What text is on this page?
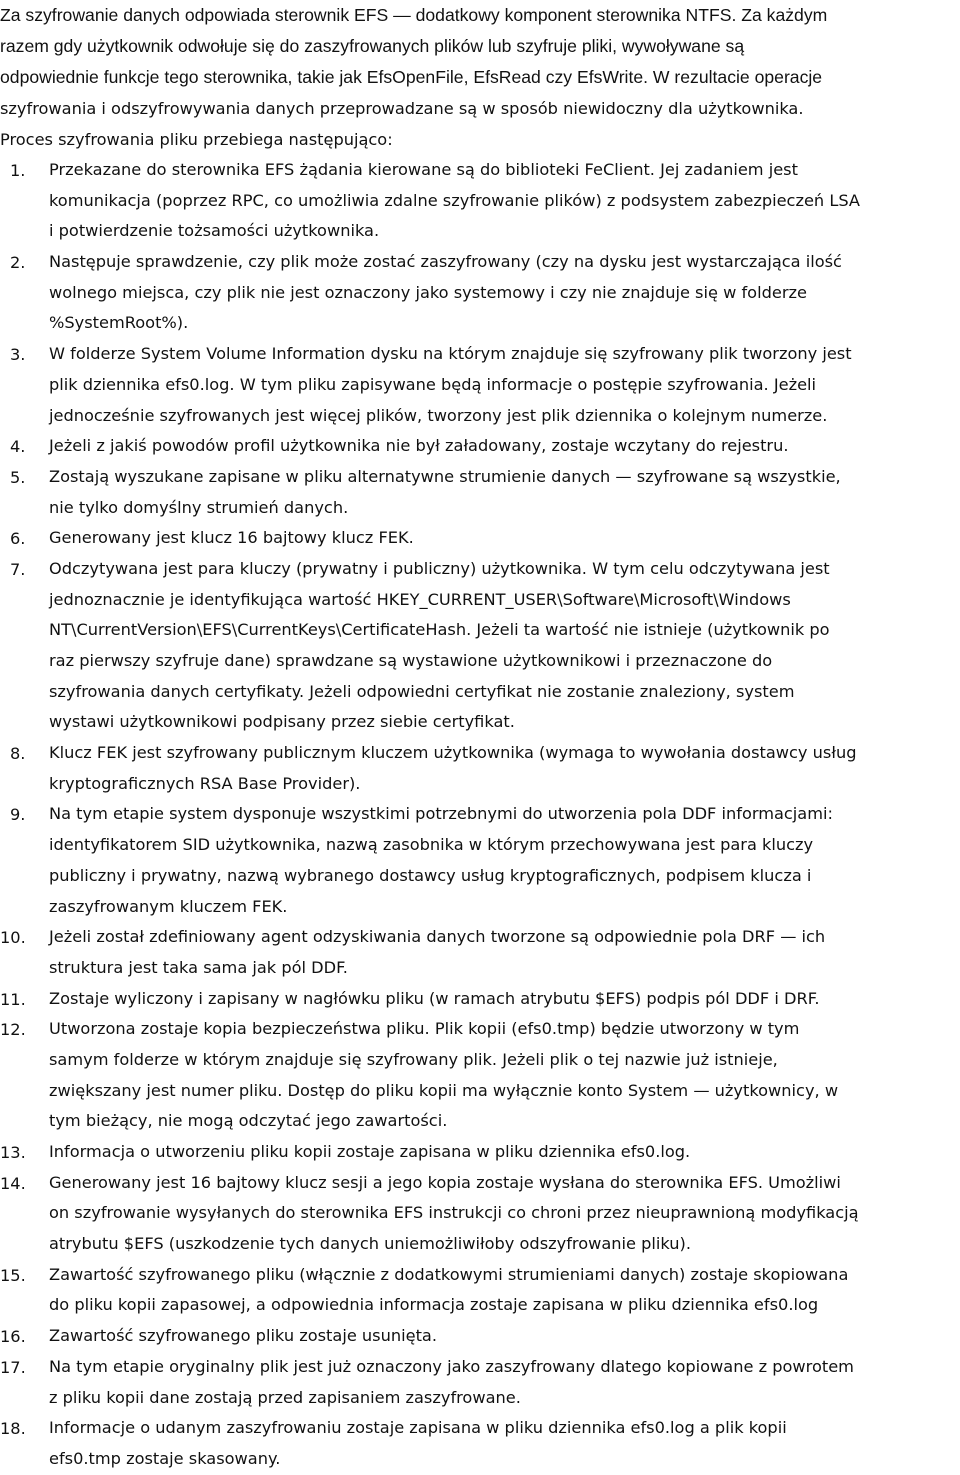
Za szyfrowanie danych odpowiada sterownik EFS — dodatkowy komponent sterownika NTFS. Za każdym
razem gdy użytkownik odwołuje się do zaszyfrowanych plików lub szyfruje pliki, wywoływane są
odpowiednie funkcje tego sterownika, takie jak EfsOpenFile, EfsRead czy EfsWrite. W rezultacie operacje
szyfrowania i odszyfrowywania danych przeprowadzane są w sposób niewidoczny dla użytkownika.
Proces szyfrowania pliku przebiega następująco:
1. Przekazane do sterownika EFS żądania kierowane są do biblioteki FeClient. Jej zadaniem jest
komunikacja (poprzez RPC, co umożliwia zdalne szyfrowanie plików) z podsystem zabezpieczeń LSA
i potwierdzenie tożsamości użytkownika.
2. Następuje sprawdzenie, czy plik może zostać zaszyfrowany (czy na dysku jest wystarczająca ilość
wolnego miejsca, czy plik nie jest oznaczony jako systemowy i czy nie znajduje się w folderze
%SystemRoot%).
3. W folderze System Volume Information dysku na którym znajduje się szyfrowany plik tworzony jest
plik dziennika efs0.log. W tym pliku zapisywane będą informacje o postępie szyfrowania. Jeżeli
jednocześnie szyfrowanych jest więcej plików, tworzony jest plik dziennika o kolejnym numerze.
4. Jeżeli z jakiś powodów profil użytkownika nie był załadowany, zostaje wczytany do rejestru.
5. Zostają wyszukane zapisane w pliku alternatywne strumienie danych — szyfrowane są wszystkie,
nie tylko domyślny strumień danych.
6. Generowany jest klucz 16 bajtowy klucz FEK.
7. Odczytywana jest para kluczy (prywatny i publiczny) użytkownika. W tym celu odczytywana jest
jednoznacznie je identyfikująca wartość HKEY_CURRENT_USER\Software\Microsoft\Windows
NT\CurrentVersion\EFS\CurrentKeys\CertificateHash. Jeżeli ta wartość nie istnieje (użytkownik po
raz pierwszy szyfruje dane) sprawdzane są wystawione użytkownikowi i przeznaczone do
szyfrowania danych certyfikaty. Jeżeli odpowiedni certyfikat nie zostanie znaleziony, system
wystawi użytkownikowi podpisany przez siebie certyfikat.
8. Klucz FEK jest szyfrowany publicznym kluczem użytkownika (wymaga to wywołania dostawcy usług
kryptograficznych RSA Base Provider).
9. Na tym etapie system dysponuje wszystkimi potrzebnymi do utworzenia pola DDF informacjami:
identyfikatorem SID użytkownika, nazwą zasobnika w którym przechowywana jest para kluczy
publiczny i prywatny, nazwą wybranego dostawcy usług kryptograficznych, podpisem klucza i
zaszyfrowanym kluczem FEK.
10. Jeżeli został zdefiniowany agent odzyskiwania danych tworzone są odpowiednie pola DRF — ich
struktura jest taka sama jak pól DDF.
11. Zostaje wyliczony i zapisany w nagłówku pliku (w ramach atrybutu $EFS) podpis pól DDF i DRF.
12. Utworzona zostaje kopia bezpieczeństwa pliku. Plik kopii (efs0.tmp) będzie utworzony w tym
samym folderze w którym znajduje się szyfrowany plik. Jeżeli plik o tej nazwie już istnieje,
zwiększany jest numer pliku. Dostęp do pliku kopii ma wyłącznie konto System — użytkownicy, w
tym bieżący, nie mogą odczytać jego zawartości.
13. Informacja o utworzeniu pliku kopii zostaje zapisana w pliku dziennika efs0.log.
14. Generowany jest 16 bajtowy klucz sesji a jego kopia zostaje wysłana do sterownika EFS. Umożliwi
on szyfrowanie wysyłanych do sterownika EFS instrukcji co chroni przez nieuprawnioną modyfikacją
atrybutu $EFS (uszkodzenie tych danych uniemożliwiłoby odszyfrowanie pliku).
15. Zawartość szyfrowanego pliku (włącznie z dodatkowymi strumieniami danych) zostaje skopiowana
do pliku kopii zapasowej, a odpowiednia informacja zostaje zapisana w pliku dziennika efs0.log
16. Zawartość szyfrowanego pliku zostaje usunięta.
17. Na tym etapie oryginalny plik jest już oznaczony jako zaszyfrowany dlatego kopiowane z powrotem
z pliku kopii dane zostają przed zapisaniem zaszyfrowane.
18. Informacje o udanym zaszyfrowaniu zostaje zapisana w pliku dziennika efs0.log a plik kopii
efs0.tmp zostaje skasowany.
